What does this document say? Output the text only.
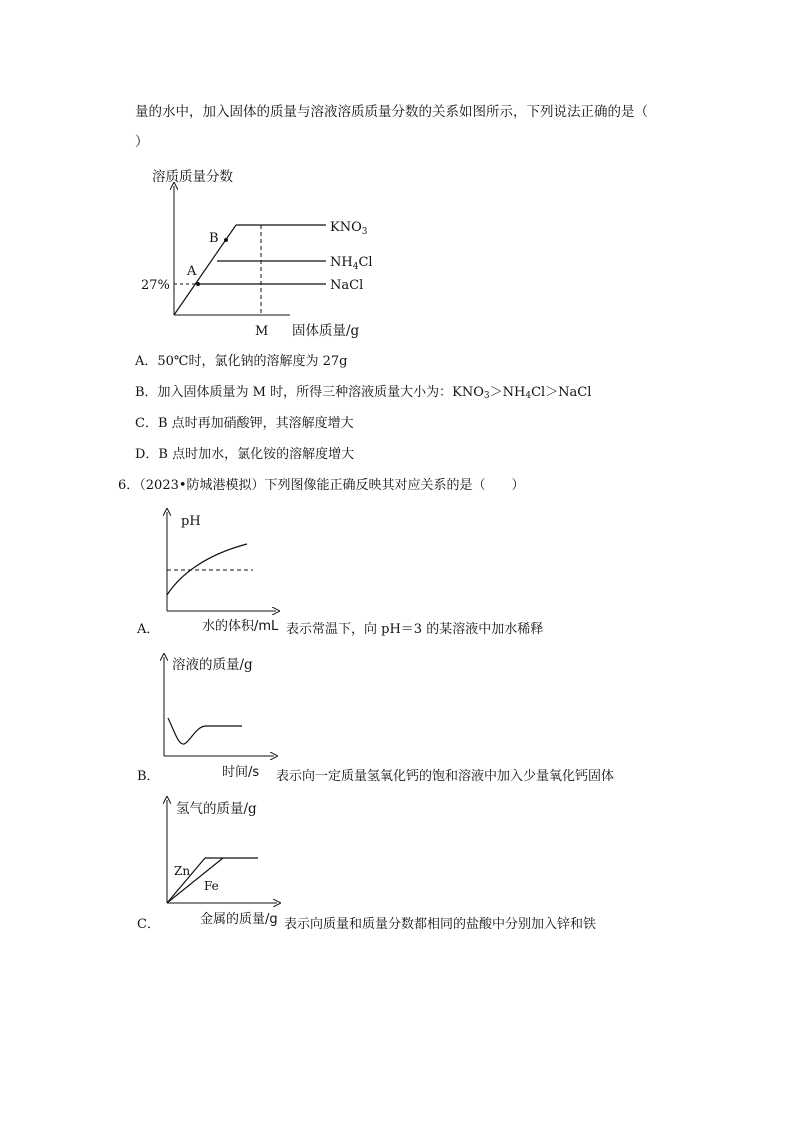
量的水中，加入固体的质量与溶液溶质质量分数的关系如图所示，下列说法正确的是（
）
溶质质量分数
A
B
27%
M 固体质量/g
$KNO_3$
$NH_4Cl$
NaCl
A．50℃时，氯化钠的溶解度为 27g
B．加入固体质量为 M 时，所得三种溶液质量大小为：$KNO_3>NH_4Cl>NaCl$
C．B 点时再加硝酸钾，其溶解度增大
D．B 点时加水，氯化铵的溶解度增大
6．（2023•防城港模拟）下列图像能正确反映其对应关系的是（　　）
pH
A．	水的体积/mL 表示常温下，向 pH＝3 的某溶液中加水稀释
溶液的质量/g
B．	时间/s 表示向一定质量氢氧化钙的饱和溶液中加入少量氧化钙固体
氢气的质量/g
Zn
Fe
C．	金属的质量/g 表示向质量和质量分数都相同的盐酸中分别加入锌和铁
